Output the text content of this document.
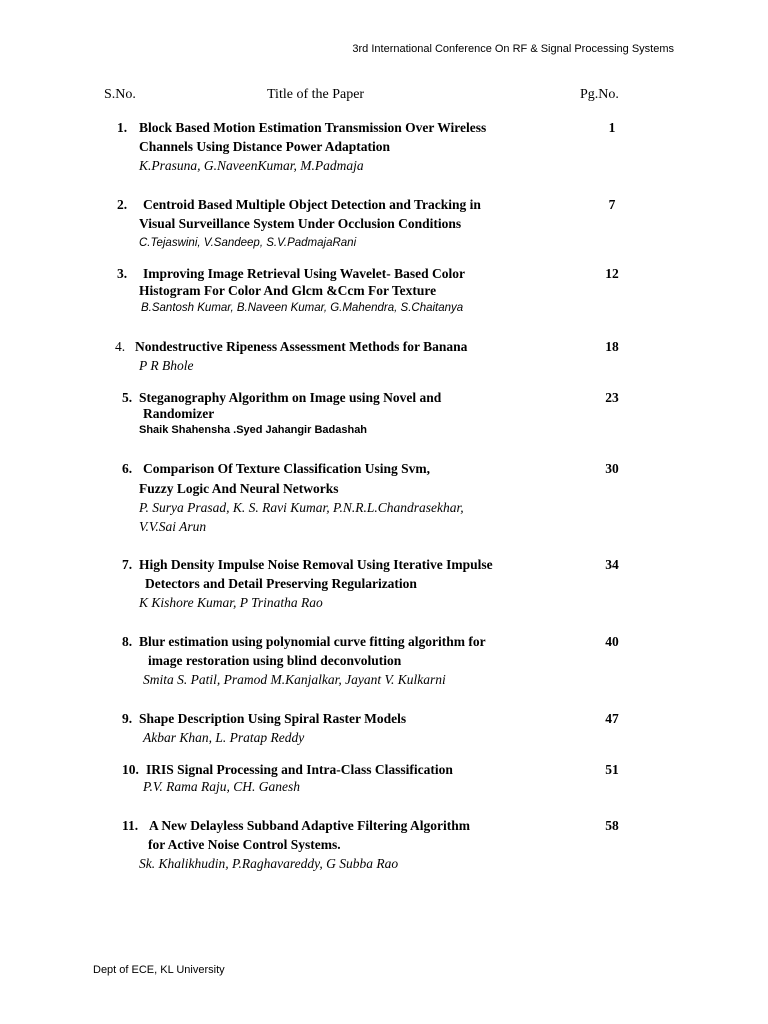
3rd International Conference On RF & Signal Processing Systems
S.No.	Title of the Paper	Pg.No.
1. Block Based Motion Estimation Transmission Over Wireless
Channels Using Distance Power Adaptation
K.Prasuna, G.NaveenKumar, M.Padmaja
1
2. Centroid Based Multiple Object Detection and Tracking in
Visual Surveillance System Under Occlusion Conditions
C.Tejaswini, V.Sandeep, S.V.PadmajaRani
7
3. Improving Image Retrieval Using Wavelet- Based Color
Histogram For Color And Glcm &Ccm For Texture
B.Santosh Kumar, B.Naveen Kumar, G.Mahendra, S.Chaitanya
12
4. Nondestructive Ripeness Assessment Methods for Banana
P R Bhole
18
5. Steganography Algorithm on Image using Novel and
Randomizer
Shaik Shahensha .Syed Jahangir Badashah
23
6. Comparison Of Texture Classification Using Svm,
Fuzzy Logic And Neural Networks
P. Surya Prasad, K. S. Ravi Kumar, P.N.R.L.Chandrasekhar,
V.V.Sai Arun
30
7. High Density Impulse Noise Removal Using Iterative Impulse
Detectors and Detail Preserving Regularization
K Kishore Kumar, P Trinatha Rao
34
8. Blur estimation using polynomial curve fitting algorithm for
image restoration using blind deconvolution
Smita S. Patil, Pramod M.Kanjalkar, Jayant V. Kulkarni
40
9. Shape Description Using Spiral Raster Models
Akbar Khan, L. Pratap Reddy
47
10. IRIS Signal Processing and Intra-Class Classification
P.V. Rama Raju, CH. Ganesh
51
11. A New Delayless Subband Adaptive Filtering Algorithm
for Active Noise Control Systems.
Sk. Khalikhudin, P.Raghavareddy, G Subba Rao
58
Dept of ECE, KL University
